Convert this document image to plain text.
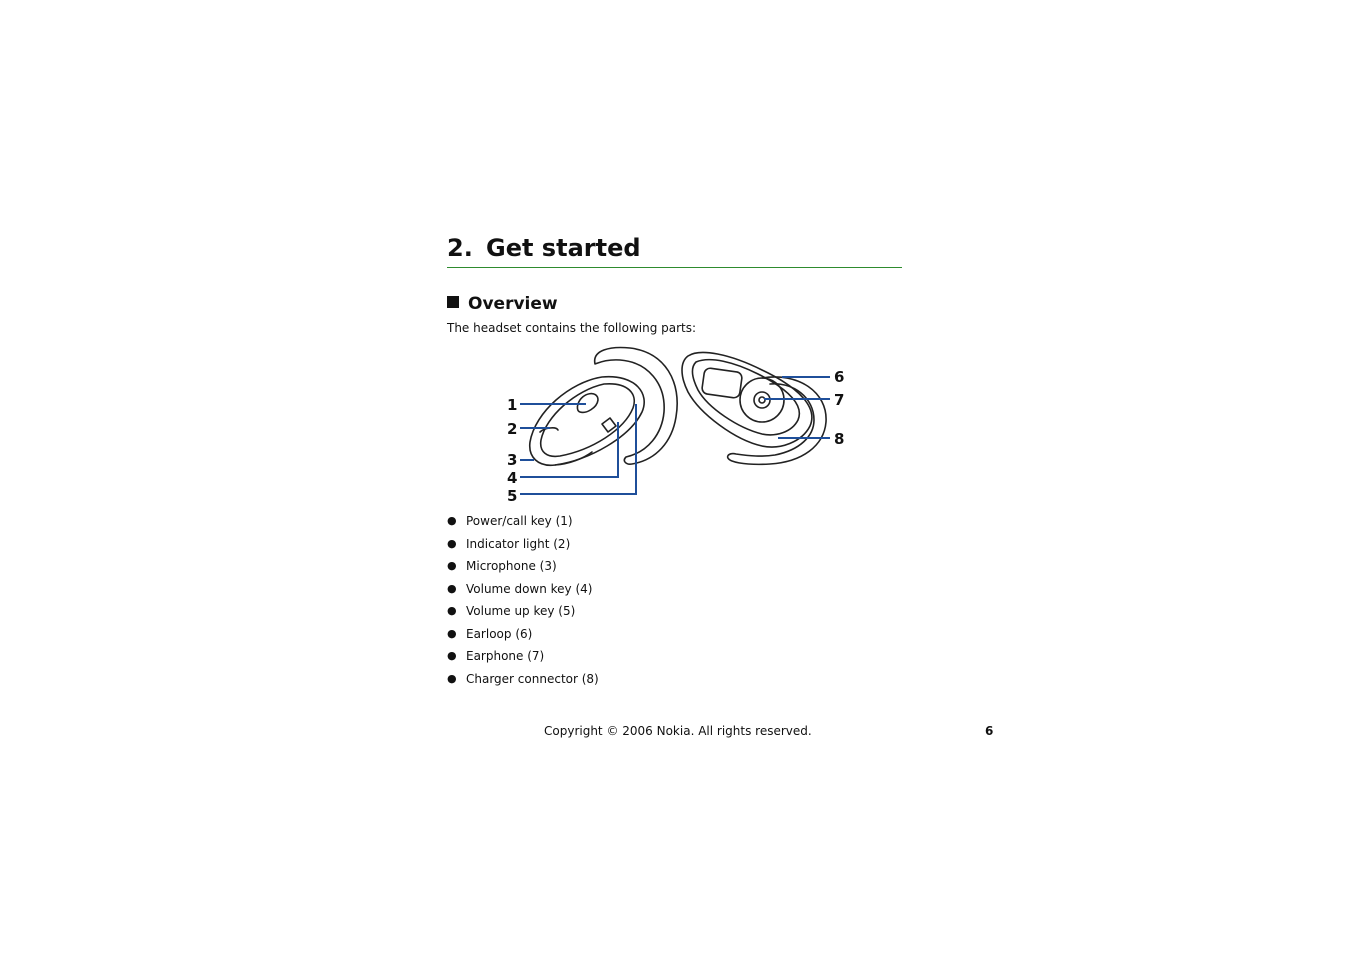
2. Get started
Overview

The headset contains the following parts:

1
2
3
4
5
6
7
8
● Power/call key (1)
● Indicator light (2)
● Microphone (3)
● Volume down key (4)
● Volume up key (5)
● Earloop (6)
● Earphone (7)
● Charger connector (8)
Copyright © 2006 Nokia. All rights reserved.	6
